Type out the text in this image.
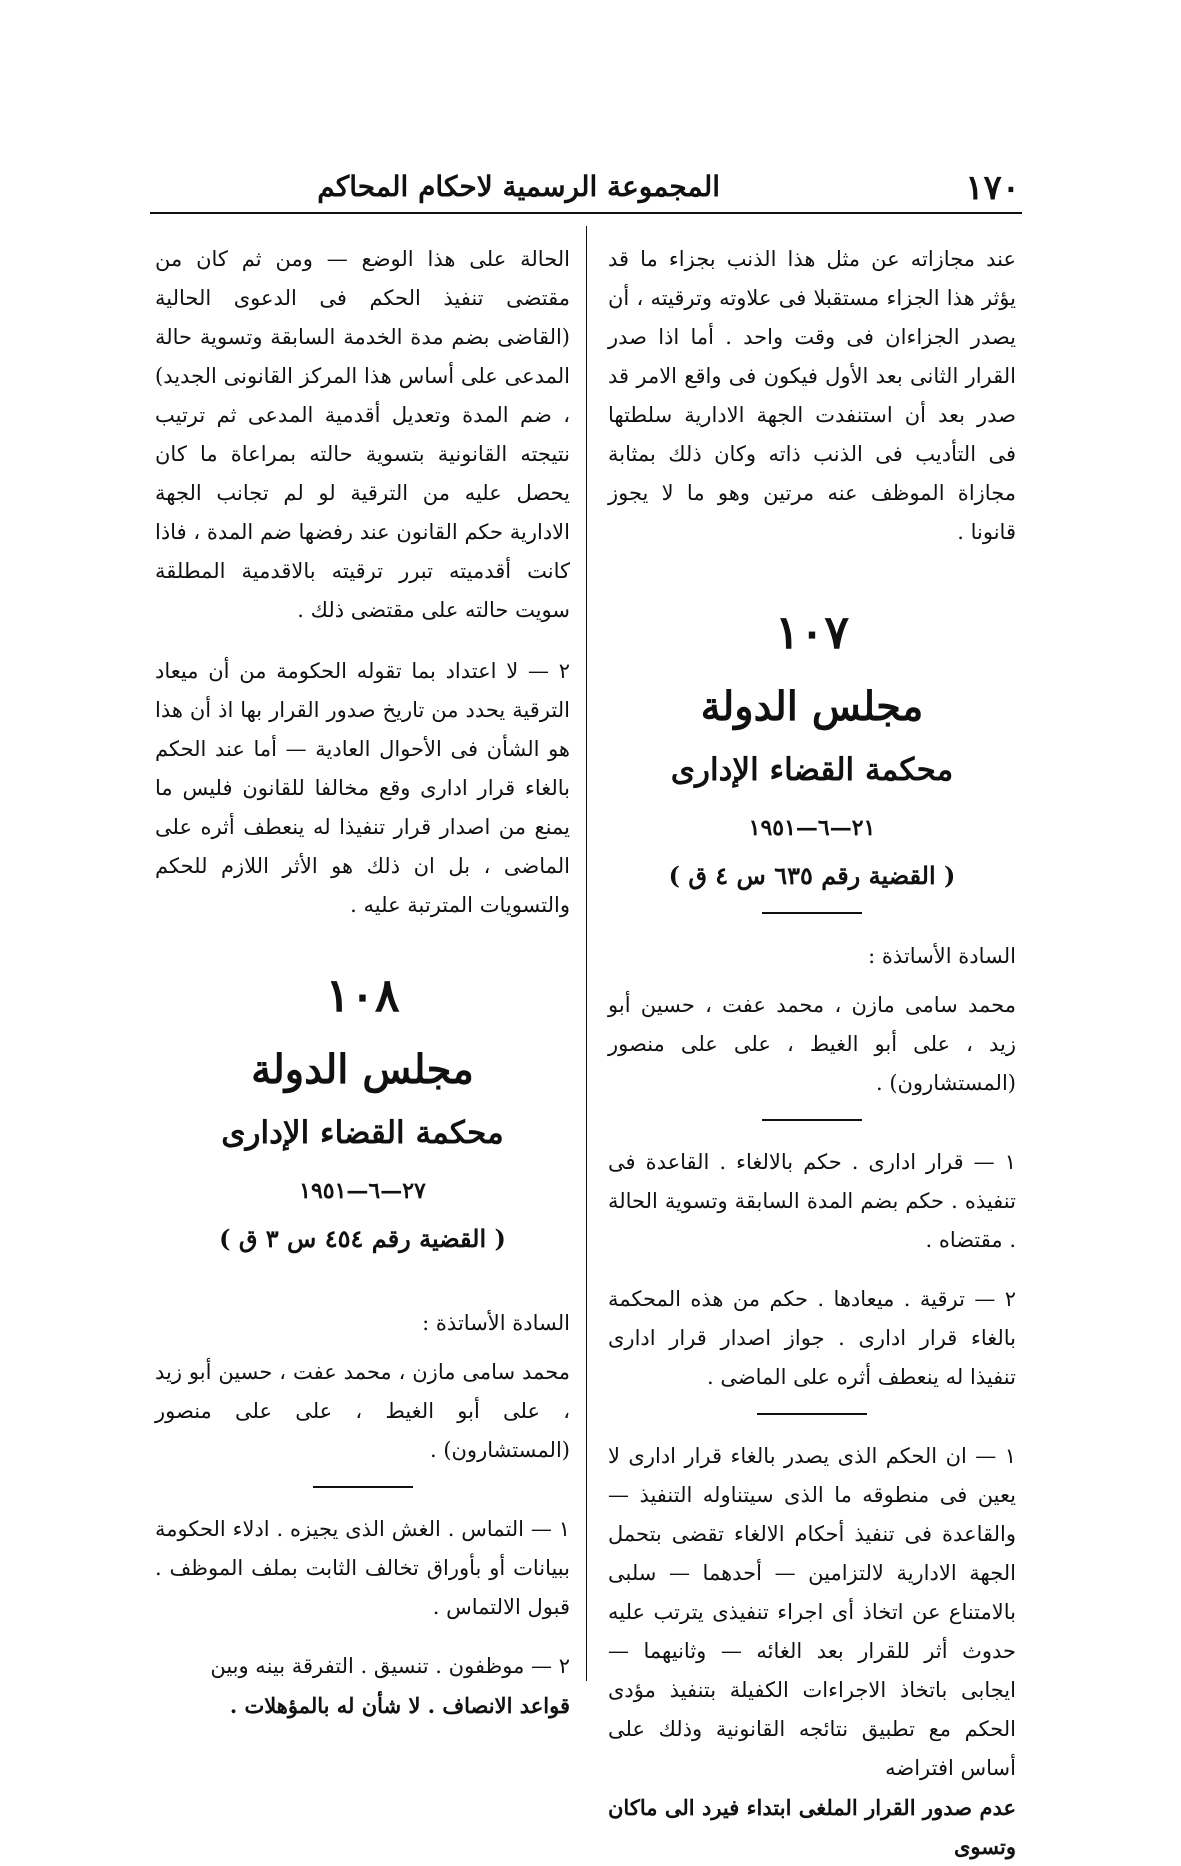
١٧٠
المجموعة الرسمية لاحكام المحاكم

عند مجازاته عن مثل هذا الذنب بجزاء ما قد يؤثر هذا الجزاء مستقبلا فى علاوته وترقيته ، أن يصدر الجزاءان فى وقت واحد . أما اذا صدر القرار الثانى بعد الأول فيكون فى واقع الامر قد صدر بعد أن استنفدت الجهة الادارية سلطتها فى التأديب فى الذنب ذاته وكان ذلك بمثابة مجازاة الموظف عنه مرتين وهو ما لا يجوز قانونا .

١٠٧
مجلس الدولة
محكمة القضاء الإدارى
٢١—٦—١٩٥١
( القضية رقم ٦٣٥ س ٤ ق )
السادة الأساتذة :

محمد سامى مازن ، محمد عفت ، حسين أبو زيد ، على أبو الغيط ، على على منصور (المستشارون) .

١ — قرار ادارى . حكم بالالغاء . القاعدة فى تنفيذه . حكم بضم المدة السابقة وتسوية الحالة . مقتضاه .

٢ — ترقية . ميعادها . حكم من هذه المحكمة بالغاء قرار ادارى . جواز اصدار قرار ادارى تنفيذا له ينعطف أثره على الماضى .

١ — ان الحكم الذى يصدر بالغاء قرار ادارى لا يعين فى منطوقه ما الذى سيتناوله التنفيذ — والقاعدة فى تنفيذ أحكام الالغاء تقضى بتحمل الجهة الادارية لالتزامين — أحدهما — سلبى بالامتناع عن اتخاذ أى اجراء تنفيذى يترتب عليه حدوث أثر للقرار بعد الغائه — وثانيهما — ايجابى باتخاذ الاجراءات الكفيلة بتنفيذ مؤدى الحكم مع تطبيق نتائجه القانونية وذلك على أساس افتراضه

عدم صدور القرار الملغى ابتداء فيرد الى ماكان وتسوى

الحالة على هذا الوضع — ومن ثم كان من مقتضى تنفيذ الحكم فى الدعوى الحالية (القاضى بضم مدة الخدمة السابقة وتسوية حالة المدعى على أساس هذا المركز القانونى الجديد) ، ضم المدة وتعديل أقدمية المدعى ثم ترتيب نتيجته القانونية بتسوية حالته بمراعاة ما كان يحصل عليه من الترقية لو لم تجانب الجهة الادارية حكم القانون عند رفضها ضم المدة ، فاذا كانت أقدميته تبرر ترقيته بالاقدمية المطلقة سويت حالته على مقتضى ذلك .

٢ — لا اعتداد بما تقوله الحكومة من أن ميعاد الترقية يحدد من تاريخ صدور القرار بها اذ أن هذا هو الشأن فى الأحوال العادية — أما عند الحكم بالغاء قرار ادارى وقع مخالفا للقانون فليس ما يمنع من اصدار قرار تنفيذا له ينعطف أثره على الماضى ، بل ان ذلك هو الأثر اللازم للحكم والتسويات المترتبة عليه .

١٠٨
مجلس الدولة
محكمة القضاء الإدارى
٢٧—٦—١٩٥١
( القضية رقم ٤٥٤ س ٣ ق )
السادة الأساتذة :

محمد سامى مازن ، محمد عفت ، حسين أبو زيد ، على أبو الغيط ، على على منصور (المستشارون) .

١ — التماس . الغش الذى يجيزه . ادلاء الحكومة ببيانات أو بأوراق تخالف الثابت بملف الموظف . قبول الالتماس .

٢ — موظفون . تنسيق . التفرقة بينه وبين

قواعد الانصاف . لا شأن له بالمؤهلات .
